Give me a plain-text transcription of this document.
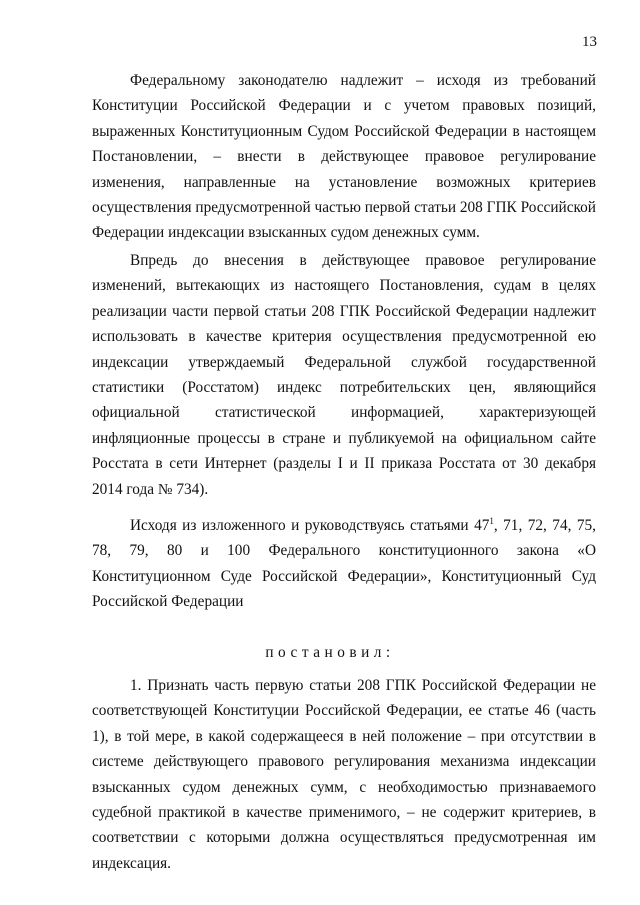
13

Федеральному законодателю надлежит – исходя из требований Конституции Российской Федерации и с учетом правовых позиций, выраженных Конституционным Судом Российской Федерации в настоящем Постановлении, – внести в действующее правовое регулирование изменения, направленные на установление возможных критериев осуществления предусмотренной частью первой статьи 208 ГПК Российской Федерации индексации взысканных судом денежных сумм.

Впредь до внесения в действующее правовое регулирование изменений, вытекающих из настоящего Постановления, судам в целях реализации части первой статьи 208 ГПК Российской Федерации надлежит использовать в качестве критерия осуществления предусмотренной ею индексации утверждаемый Федеральной службой государственной статистики (Росстатом) индекс потребительских цен, являющийся официальной статистической информацией, характеризующей инфляционные процессы в стране и публикуемой на официальном сайте Росстата в сети Интернет (разделы I и II приказа Росстата от 30 декабря 2014 года № 734).

Исходя из изложенного и руководствуясь статьями $47^1$, 71, 72, 74, 75, 78, 79, 80 и 100 Федерального конституционного закона «О Конституционном Суде Российской Федерации», Конституционный Суд Российской Федерации

постановил:

1. Признать часть первую статьи 208 ГПК Российской Федерации не соответствующей Конституции Российской Федерации, ее статье 46 (часть 1), в той мере, в какой содержащееся в ней положение – при отсутствии в системе действующего правового регулирования механизма индексации взысканных судом денежных сумм, с необходимостью признаваемого судебной практикой в качестве применимого, – не содержит критериев, в соответствии с которыми должна осуществляться предусмотренная им индексация.
